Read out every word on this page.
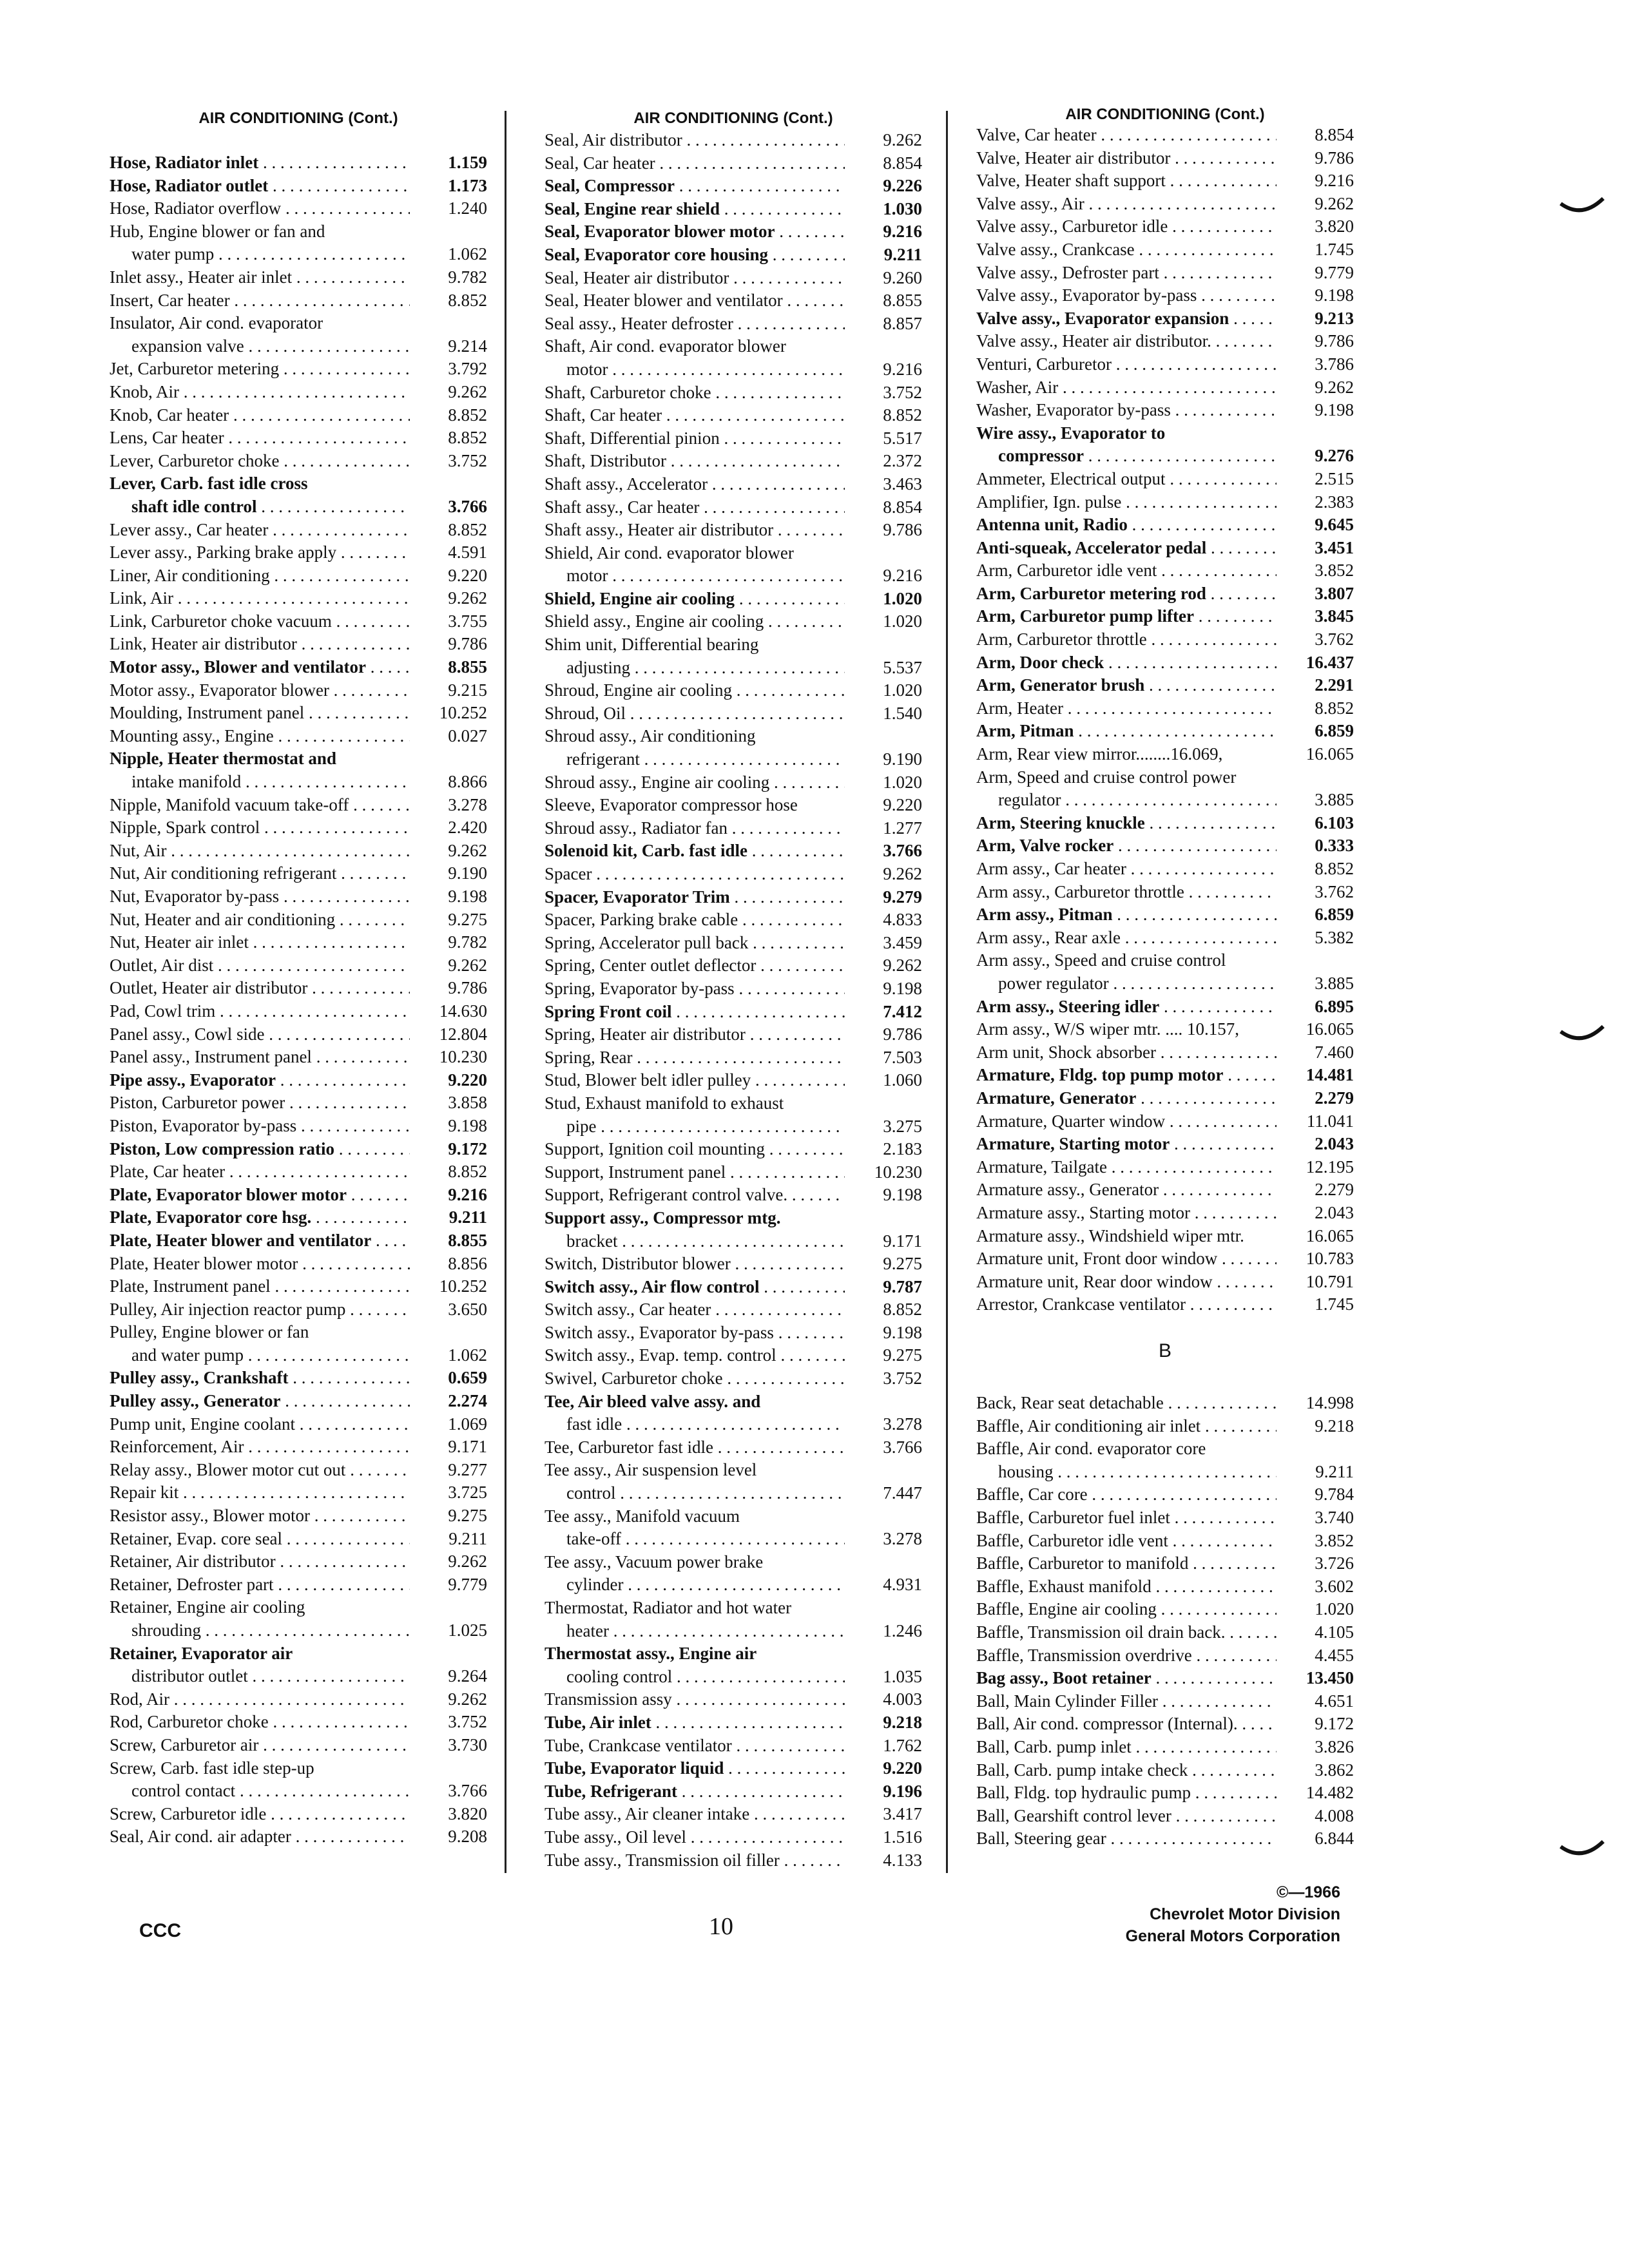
AIR CONDITIONING (Cont.)
Hose, Radiator inlet . . .	1.159
Hose, Radiator outlet . . .	1.173
Hose, Radiator overflow . . .	1.240
Hub, Engine blower or fan and
water pump . . .	1.062
Inlet assy., Heater air inlet . . .	9.782
Insert, Car heater . . .	8.852
Insulator, Air cond. evaporator
expansion valve . . .	9.214
Jet, Carburetor metering . . .	3.792
Knob, Air . . .	9.262
Knob, Car heater . . .	8.852
Lens, Car heater . . .	8.852
Lever, Carburetor choke . . .	3.752
Lever, Carb. fast idle cross
shaft idle control . . .	3.766
Lever assy., Car heater . . .	8.852
Lever assy., Parking brake apply . . .	4.591
Liner, Air conditioning . . .	9.220
Link, Air . . .	9.262
Link, Carburetor choke vacuum . . .	3.755
Link, Heater air distributor . . .	9.786
Motor assy., Blower and ventilator . . .	8.855
Motor assy., Evaporator blower . . .	9.215
Moulding, Instrument panel . . .	10.252
Mounting assy., Engine . . .	0.027
Nipple, Heater thermostat and
intake manifold . . .	8.866
Nipple, Manifold vacuum take-off . . .	3.278
Nipple, Spark control . . .	2.420
Nut, Air . . .	9.262
Nut, Air conditioning refrigerant . . .	9.190
Nut, Evaporator by-pass . . .	9.198
Nut, Heater and air conditioning . . .	9.275
Nut, Heater air inlet . . .	9.782
Outlet, Air dist . . .	9.262
Outlet, Heater air distributor . . .	9.786
Pad, Cowl trim . . .	14.630
Panel assy., Cowl side . . .	12.804
Panel assy., Instrument panel . . .	10.230
Pipe assy., Evaporator . . .	9.220
Piston, Carburetor power . . .	3.858
Piston, Evaporator by-pass . . .	9.198
Piston, Low compression ratio . . .	9.172
Plate, Car heater . . .	8.852
Plate, Evaporator blower motor . . .	9.216
Plate, Evaporator core hsg. . . .	9.211
Plate, Heater blower and ventilator . . .	8.855
Plate, Heater blower motor . . .	8.856
Plate, Instrument panel . . .	10.252
Pulley, Air injection reactor pump . . .	3.650
Pulley, Engine blower or fan
and water pump . . .	1.062
Pulley assy., Crankshaft . . .	0.659
Pulley assy., Generator . . .	2.274
Pump unit, Engine coolant . . .	1.069
Reinforcement, Air . . .	9.171
Relay assy., Blower motor cut out . . .	9.277
Repair kit . . .	3.725
Resistor assy., Blower motor . . .	9.275
Retainer, Evap. core seal . . .	9.211
Retainer, Air distributor . . .	9.262
Retainer, Defroster part . . .	9.779
Retainer, Engine air cooling
shrouding . . .	1.025
Retainer, Evaporator air
distributor outlet . . .	9.264
Rod, Air . . .	9.262
Rod, Carburetor choke . . .	3.752
Screw, Carburetor air . . .	3.730
Screw, Carb. fast idle step-up
control contact . . .	3.766
Screw, Carburetor idle . . .	3.820
Seal, Air cond. air adapter . . .	9.208
AIR CONDITIONING (Cont.)
Seal, Air distributor . . .	9.262
Seal, Car heater . . .	8.854
Seal, Compressor . . .	9.226
Seal, Engine rear shield . . .	1.030
Seal, Evaporator blower motor . . .	9.216
Seal, Evaporator core housing . . .	9.211
Seal, Heater air distributor . . .	9.260
Seal, Heater blower and ventilator . . .	8.855
Seal assy., Heater defroster . . .	8.857
Shaft, Air cond. evaporator blower
motor . . .	9.216
Shaft, Carburetor choke . . .	3.752
Shaft, Car heater . . .	8.852
Shaft, Differential pinion . . .	5.517
Shaft, Distributor . . .	2.372
Shaft assy., Accelerator . . .	3.463
Shaft assy., Car heater . . .	8.854
Shaft assy., Heater air distributor . . .	9.786
Shield, Air cond. evaporator blower
motor . . .	9.216
Shield, Engine air cooling . . .	1.020
Shield assy., Engine air cooling . . .	1.020
Shim unit, Differential bearing
adjusting . . .	5.537
Shroud, Engine air cooling . . .	1.020
Shroud, Oil . . .	1.540
Shroud assy., Air conditioning
refrigerant . . .	9.190
Shroud assy., Engine air cooling . . .	1.020
Sleeve, Evaporator compressor hose	9.220
Shroud assy., Radiator fan . . .	1.277
Solenoid kit, Carb. fast idle . . .	3.766
Spacer . . .	9.262
Spacer, Evaporator Trim . . .	9.279
Spacer, Parking brake cable . . .	4.833
Spring, Accelerator pull back . . .	3.459
Spring, Center outlet deflector . . .	9.262
Spring, Evaporator by-pass . . .	9.198
Spring Front coil . . .	7.412
Spring, Heater air distributor . . .	9.786
Spring, Rear . . .	7.503
Stud, Blower belt idler pulley . . .	1.060
Stud, Exhaust manifold to exhaust
pipe . . .	3.275
Support, Ignition coil mounting . . .	2.183
Support, Instrument panel . . .	10.230
Support, Refrigerant control valve. . . .	9.198
Support assy., Compressor mtg.
bracket . . .	9.171
Switch, Distributor blower . . .	9.275
Switch assy., Air flow control . . .	9.787
Switch assy., Car heater . . .	8.852
Switch assy., Evaporator by-pass . . .	9.198
Switch assy., Evap. temp. control . . .	9.275
Swivel, Carburetor choke . . .	3.752
Tee, Air bleed valve assy. and
fast idle . . .	3.278
Tee, Carburetor fast idle . . .	3.766
Tee assy., Air suspension level
control . . .	7.447
Tee assy., Manifold vacuum
take-off . . .	3.278
Tee assy., Vacuum power brake
cylinder . . .	4.931
Thermostat, Radiator and hot water
heater . . .	1.246
Thermostat assy., Engine air
cooling control . . .	1.035
Transmission assy . . .	4.003
Tube, Air inlet . . .	9.218
Tube, Crankcase ventilator . . .	1.762
Tube, Evaporator liquid . . .	9.220
Tube, Refrigerant . . .	9.196
Tube assy., Air cleaner intake . . .	3.417
Tube assy., Oil level . . .	1.516
Tube assy., Transmission oil filler . . .	4.133
AIR CONDITIONING (Cont.)
Valve, Car heater . . .	8.854
Valve, Heater air distributor . . .	9.786
Valve, Heater shaft support . . .	9.216
Valve assy., Air . . .	9.262
Valve assy., Carburetor idle . . .	3.820
Valve assy., Crankcase . . .	1.745
Valve assy., Defroster part . . .	9.779
Valve assy., Evaporator by-pass . . .	9.198
Valve assy., Evaporator expansion . . .	9.213
Valve assy., Heater air distributor. . . .	9.786
Venturi, Carburetor . . .	3.786
Washer, Air . . .	9.262
Washer, Evaporator by-pass . . .	9.198
Wire assy., Evaporator to
compressor . . .	9.276
Ammeter, Electrical output . . .	2.515
Amplifier, Ign. pulse . . .	2.383
Antenna unit, Radio . . .	9.645
Anti-squeak, Accelerator pedal . . .	3.451
Arm, Carburetor idle vent . . .	3.852
Arm, Carburetor metering rod . . .	3.807
Arm, Carburetor pump lifter . . .	3.845
Arm, Carburetor throttle . . .	3.762
Arm, Door check . . .	16.437
Arm, Generator brush . . .	2.291
Arm, Heater . . .	8.852
Arm, Pitman . . .	6.859
Arm, Rear view mirror........16.069,	16.065
Arm, Speed and cruise control power
regulator . . .	3.885
Arm, Steering knuckle . . .	6.103
Arm, Valve rocker . . .	0.333
Arm assy., Car heater . . .	8.852
Arm assy., Carburetor throttle . . .	3.762
Arm assy., Pitman . . .	6.859
Arm assy., Rear axle . . .	5.382
Arm assy., Speed and cruise control
power regulator . . .	3.885
Arm assy., Steering idler . . .	6.895
Arm assy., W/S wiper mtr. .... 10.157,	16.065
Arm unit, Shock absorber . . .	7.460
Armature, Fldg. top pump motor . . .	14.481
Armature, Generator . . .	2.279
Armature, Quarter window . . .	11.041
Armature, Starting motor . . .	2.043
Armature, Tailgate . . .	12.195
Armature assy., Generator . . .	2.279
Armature assy., Starting motor . . .	2.043
Armature assy., Windshield wiper mtr.	16.065
Armature unit, Front door window . . .	10.783
Armature unit, Rear door window . . .	10.791
Arrestor, Crankcase ventilator . . .	1.745
B
Back, Rear seat detachable . . .	14.998
Baffle, Air conditioning air inlet . . .	9.218
Baffle, Air cond. evaporator core
housing . . .	9.211
Baffle, Car core . . .	9.784
Baffle, Carburetor fuel inlet . . .	3.740
Baffle, Carburetor idle vent . . .	3.852
Baffle, Carburetor to manifold . . .	3.726
Baffle, Exhaust manifold . . .	3.602
Baffle, Engine air cooling . . .	1.020
Baffle, Transmission oil drain back. . . .	4.105
Baffle, Transmission overdrive . . .	4.455
Bag assy., Boot retainer . . .	13.450
Ball, Main Cylinder Filler . . .	4.651
Ball, Air cond. compressor (Internal). . . .	9.172
Ball, Carb. pump inlet . . .	3.826
Ball, Carb. pump intake check . . .	3.862
Ball, Fldg. top hydraulic pump . . .	14.482
Ball, Gearshift control lever . . .	4.008
Ball, Steering gear . . .	6.844
CCC	10
©—1966
Chevrolet Motor Division
General Motors Corporation
